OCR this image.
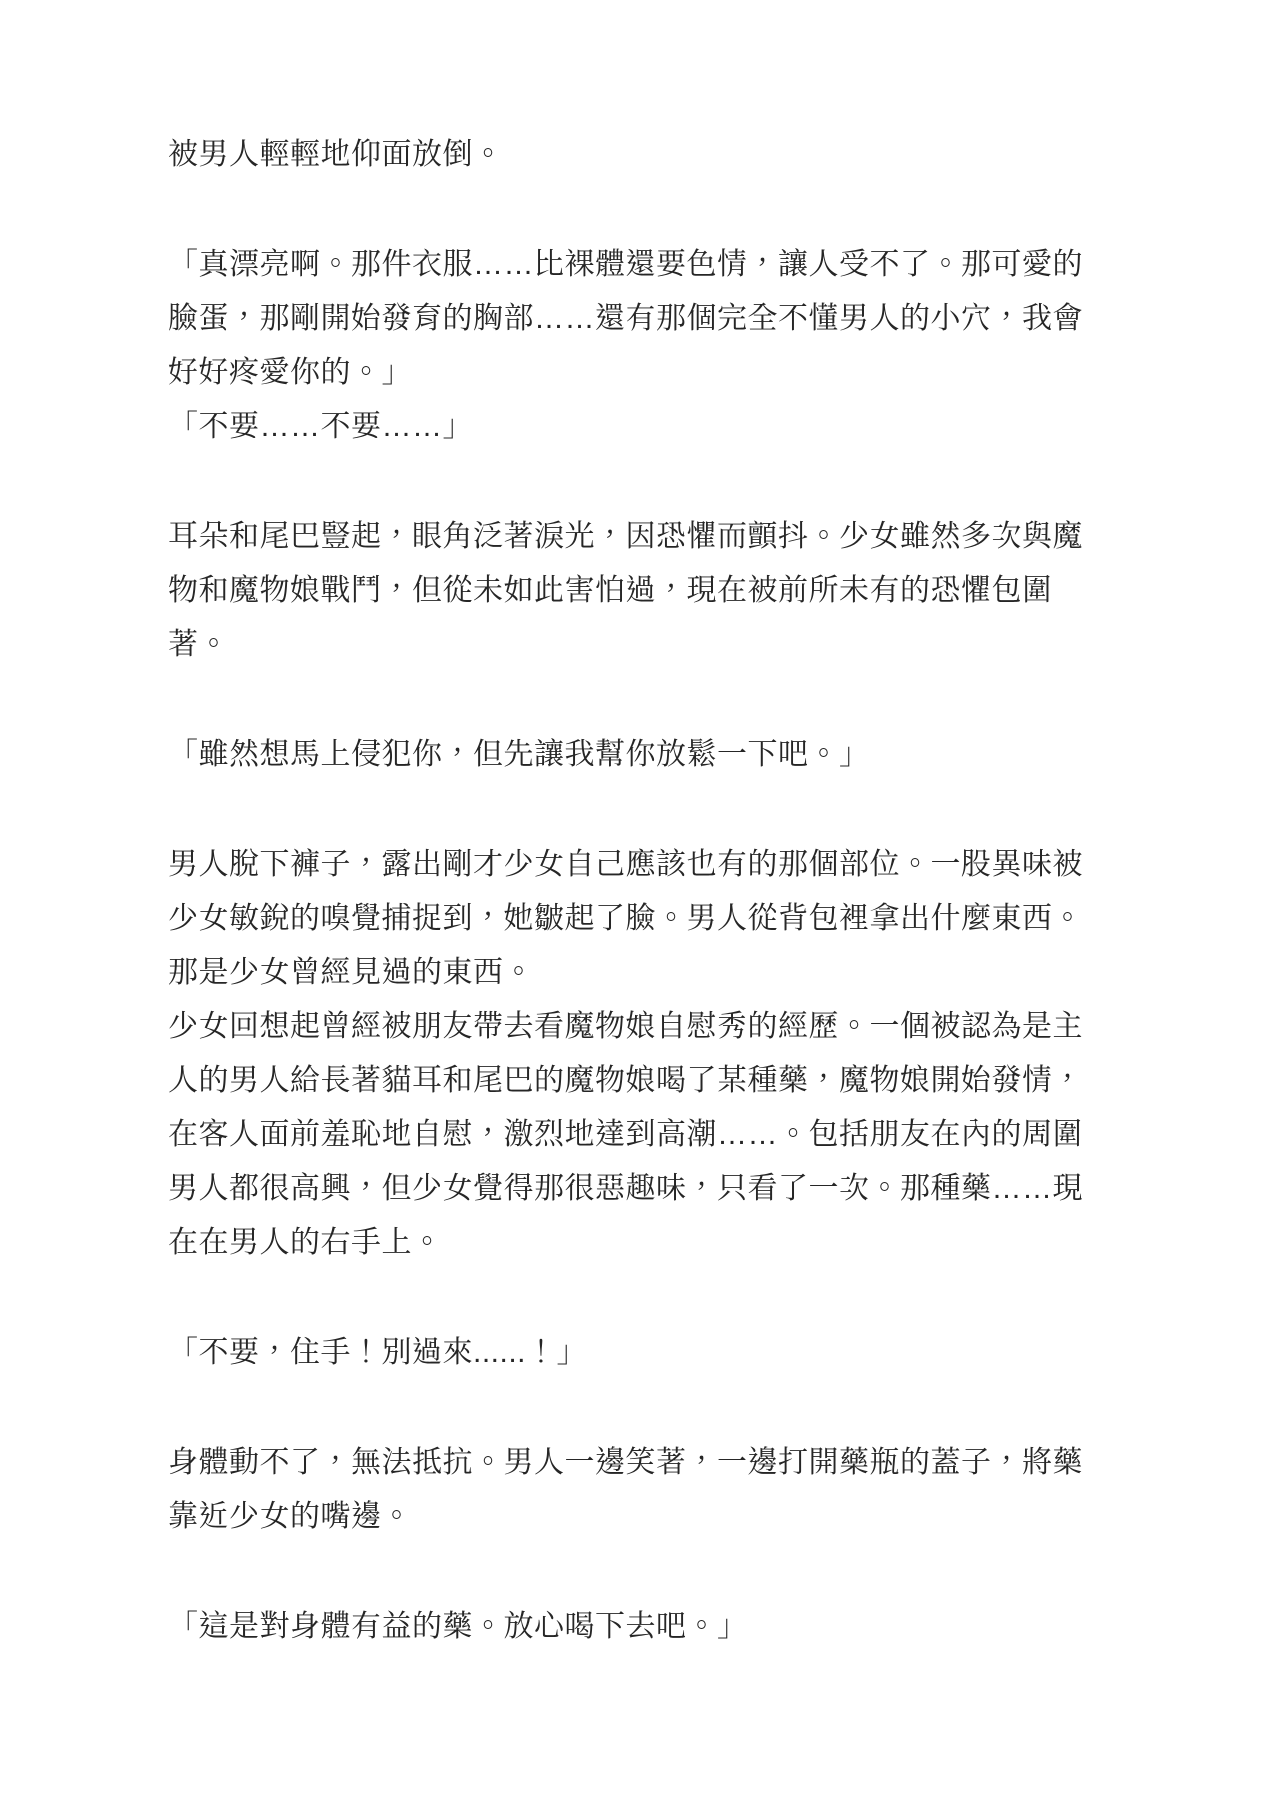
被男人輕輕地仰面放倒。
「真漂亮啊。那件衣服……比裸體還要色情，讓人受不了。那可愛的
臉蛋，那剛開始發育的胸部……還有那個完全不懂男人的小穴，我會
好好疼愛你的。」
「不要……不要……」
耳朵和尾巴豎起，眼角泛著淚光，因恐懼而顫抖。少女雖然多次與魔
物和魔物娘戰鬥，但從未如此害怕過，現在被前所未有的恐懼包圍
著。
「雖然想馬上侵犯你，但先讓我幫你放鬆一下吧。」
男人脫下褲子，露出剛才少女自己應該也有的那個部位。一股異味被
少女敏銳的嗅覺捕捉到，她皺起了臉。男人從背包裡拿出什麼東西。
那是少女曾經見過的東西。
少女回想起曾經被朋友帶去看魔物娘自慰秀的經歷。一個被認為是主
人的男人給長著貓耳和尾巴的魔物娘喝了某種藥，魔物娘開始發情，
在客人面前羞恥地自慰，激烈地達到高潮……。包括朋友在內的周圍
男人都很高興，但少女覺得那很惡趣味，只看了一次。那種藥……現
在在男人的右手上。
「不要，住手！別過來......！」
身體動不了，無法抵抗。男人一邊笑著，一邊打開藥瓶的蓋子，將藥
靠近少女的嘴邊。
「這是對身體有益的藥。放心喝下去吧。」
